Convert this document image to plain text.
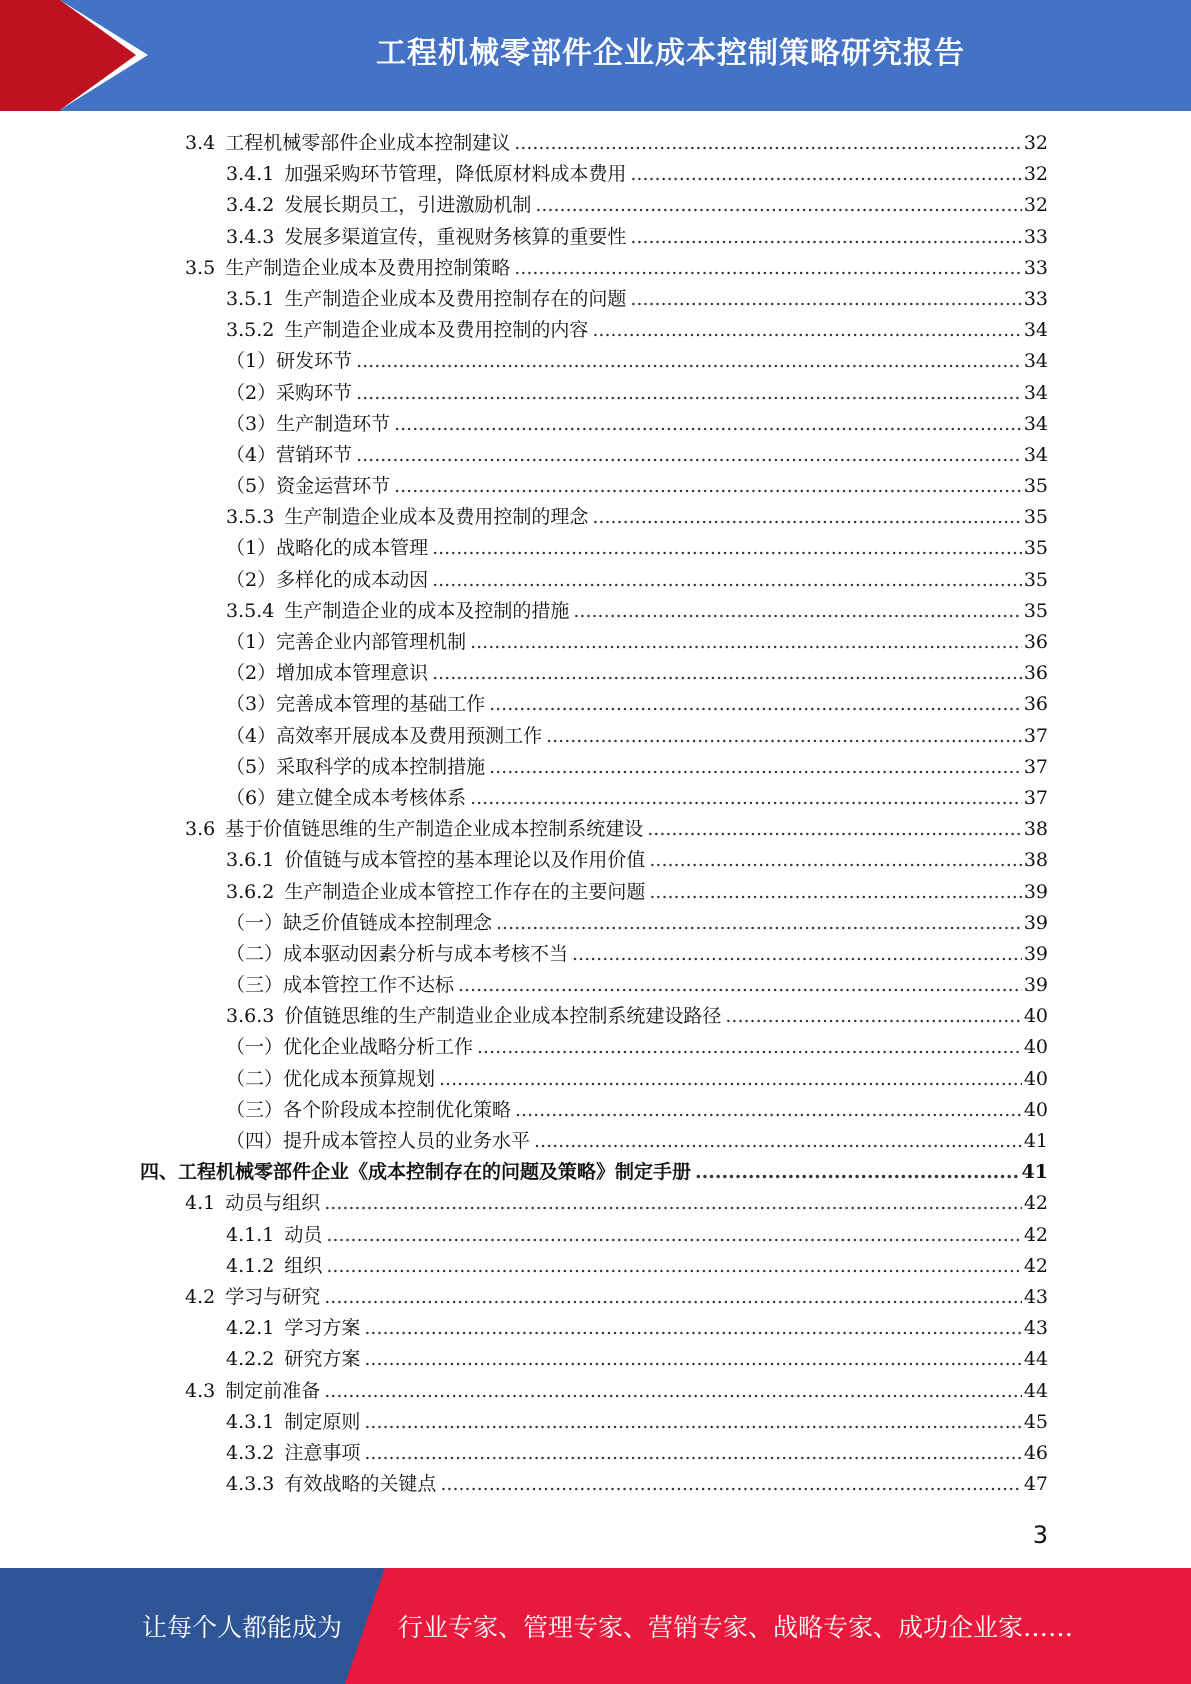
工程机械零部件企业成本控制策略研究报告
3.4 工程机械零部件企业成本控制建议 .....	32
3.4.1 加强采购环节管理，降低原材料成本费用 .....	32
3.4.2 发展长期员工，引进激励机制 .....	32
3.4.3 发展多渠道宣传，重视财务核算的重要性 .....	33
3.5 生产制造企业成本及费用控制策略 .....	33
3.5.1 生产制造企业成本及费用控制存在的问题 .....	33
3.5.2 生产制造企业成本及费用控制的内容 .....	34
（1）研发环节 .....	34
（2）采购环节 .....	34
（3）生产制造环节 .....	34
（4）营销环节 .....	34
（5）资金运营环节 .....	35
3.5.3 生产制造企业成本及费用控制的理念 .....	35
（1）战略化的成本管理 .....	35
（2）多样化的成本动因 .....	35
3.5.4 生产制造企业的成本及控制的措施 .....	35
（1）完善企业内部管理机制 .....	36
（2）增加成本管理意识 .....	36
（3）完善成本管理的基础工作 .....	36
（4）高效率开展成本及费用预测工作 .....	37
（5）采取科学的成本控制措施 .....	37
（6）建立健全成本考核体系 .....	37
3.6 基于价值链思维的生产制造企业成本控制系统建设 .....	38
3.6.1 价值链与成本管控的基本理论以及作用价值 .....	38
3.6.2 生产制造企业成本管控工作存在的主要问题 .....	39
（一）缺乏价值链成本控制理念 .....	39
（二）成本驱动因素分析与成本考核不当 .....	39
（三）成本管控工作不达标 .....	39
3.6.3 价值链思维的生产制造业企业成本控制系统建设路径 .....	40
（一）优化企业战略分析工作 .....	40
（二）优化成本预算规划 .....	40
（三）各个阶段成本控制优化策略 .....	40
（四）提升成本管控人员的业务水平 .....	41
四、工程机械零部件企业《成本控制存在的问题及策略》制定手册 .....	41
4.1 动员与组织 .....	42
4.1.1 动员 .....	42
4.1.2 组织 .....	42
4.2 学习与研究 .....	43
4.2.1 学习方案 .....	43
4.2.2 研究方案 .....	44
4.3 制定前准备 .....	44
4.3.1 制定原则 .....	45
4.3.2 注意事项 .....	46
4.3.3 有效战略的关键点 .....	47
3
让每个人都能成为 行业专家、管理专家、营销专家、战略专家、成功企业家……
